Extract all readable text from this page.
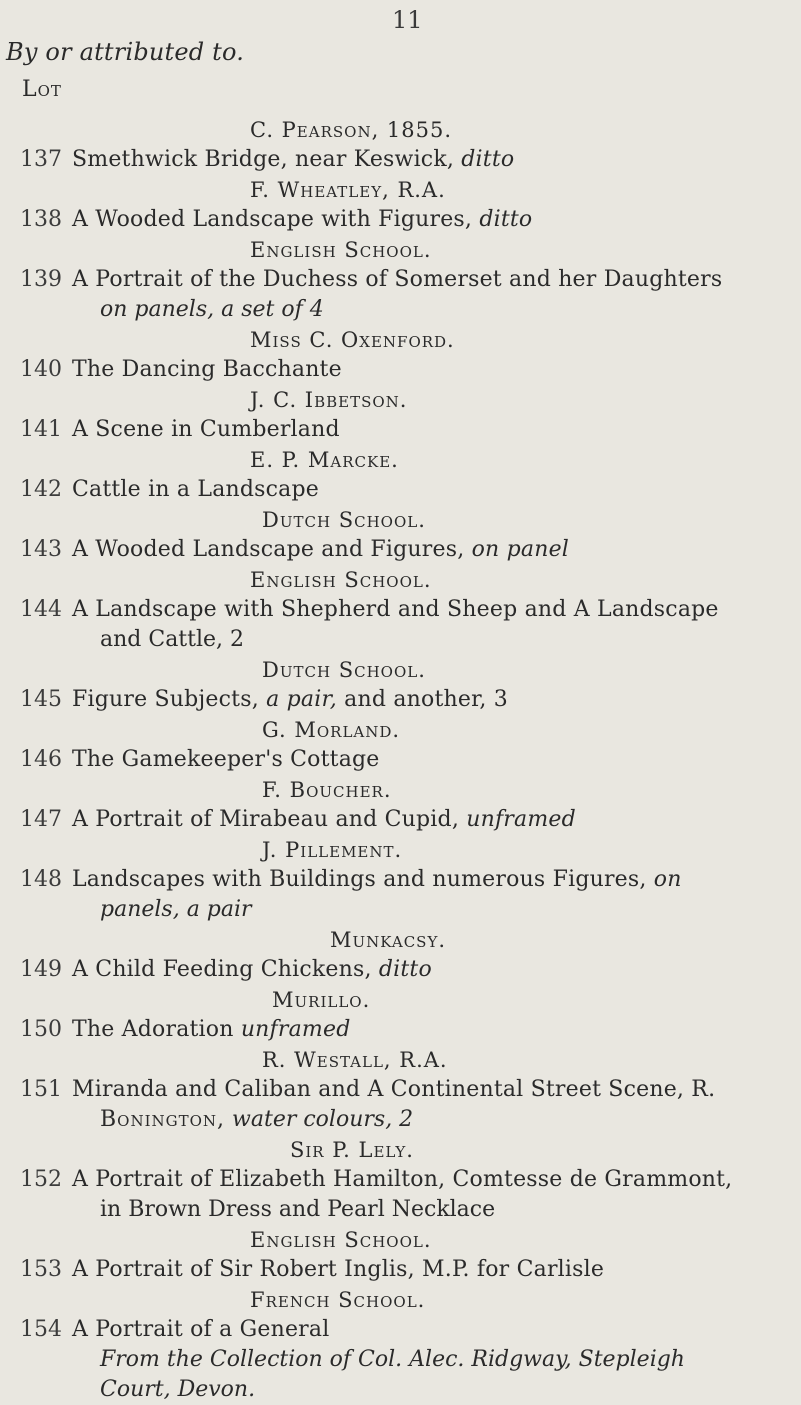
11
By or attributed to.
Lot
C. Pearson, 1855.
137 Smethwick Bridge, near Keswick, ditto
F. Wheatley, R.A.
138 A Wooded Landscape with Figures, ditto
English School.
139 A Portrait of the Duchess of Somerset and her Daughters
on panels, a set of 4
Miss C. Oxenford.
140 The Dancing Bacchante
J. C. Ibbetson.
141 A Scene in Cumberland
E. P. Marcke.
142 Cattle in a Landscape
Dutch School.
143 A Wooded Landscape and Figures, on panel
English School.
144 A Landscape with Shepherd and Sheep and A Landscape
and Cattle, 2
Dutch School.
145 Figure Subjects, a pair, and another, 3
G. Morland.
146 The Gamekeeper's Cottage
F. Boucher.
147 A Portrait of Mirabeau and Cupid, unframed
J. Pillement.
148 Landscapes with Buildings and numerous Figures, on
panels, a pair
Munkacsy.
149 A Child Feeding Chickens, ditto
Murillo.
150 The Adoration unframed
R. Westall, R.A.
151 Miranda and Caliban and A Continental Street Scene, R.
Bonington, water colours, 2
Sir P. Lely.
152 A Portrait of Elizabeth Hamilton, Comtesse de Grammont,
in Brown Dress and Pearl Necklace
English School.
153 A Portrait of Sir Robert Inglis, M.P. for Carlisle
French School.
154 A Portrait of a General
From the Collection of Col. Alec. Ridgway, Stepleigh
Court, Devon.
